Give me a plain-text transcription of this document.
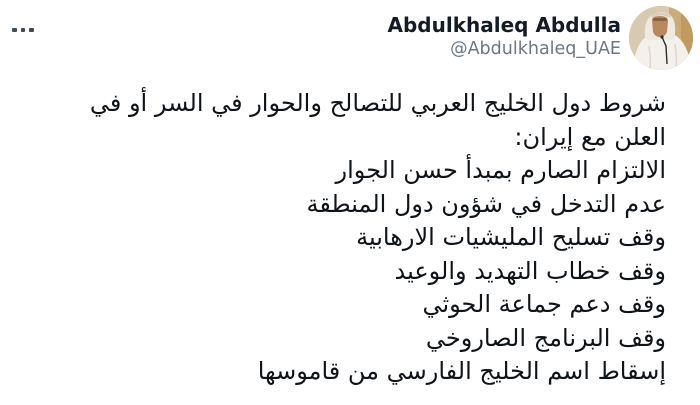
Abdulkhaleq Abdulla
@Abdulkhaleq_UAE
شروط دول الخليج العربي للتصالح والحوار في السر أو في
العلن مع إيران:
الالتزام الصارم بمبدأ حسن الجوار
عدم التدخل في شؤون دول المنطقة
وقف تسليح المليشيات الارهابية
وقف خطاب التهديد والوعيد
وقف دعم جماعة الحوثي
وقف البرنامج الصاروخي
إسقاط اسم الخليج الفارسي من قاموسها
